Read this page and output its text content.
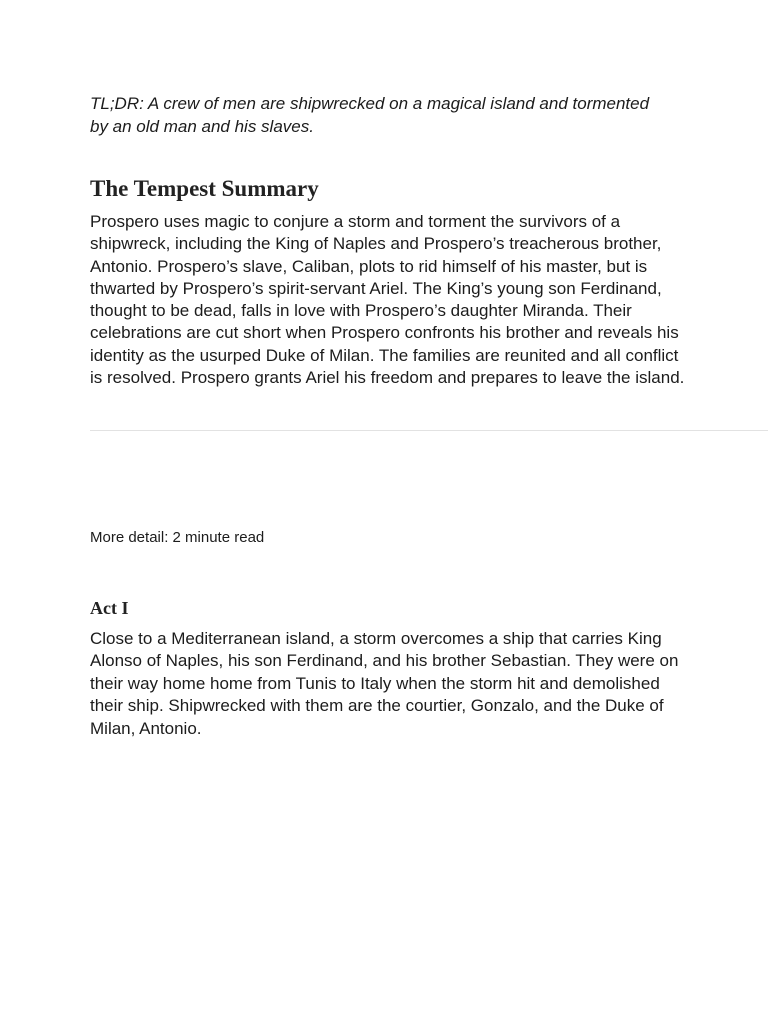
TL;DR: A crew of men are shipwrecked on a magical island and tormented by an old man and his slaves.

The Tempest Summary

Prospero uses magic to conjure a storm and torment the survivors of a shipwreck, including the King of Naples and Prospero’s treacherous brother, Antonio. Prospero’s slave, Caliban, plots to rid himself of his master, but is thwarted by Prospero’s spirit-servant Ariel. The King’s young son Ferdinand, thought to be dead, falls in love with Prospero’s daughter Miranda. Their celebrations are cut short when Prospero confronts his brother and reveals his identity as the usurped Duke of Milan. The families are reunited and all conflict is resolved. Prospero grants Ariel his freedom and prepares to leave the island.

More detail: 2 minute read

Act I

Close to a Mediterranean island, a storm overcomes a ship that carries King Alonso of Naples, his son Ferdinand, and his brother Sebastian. They were on their way home home from Tunis to Italy when the storm hit and demolished their ship. Shipwrecked with them are the courtier, Gonzalo, and the Duke of Milan, Antonio.
